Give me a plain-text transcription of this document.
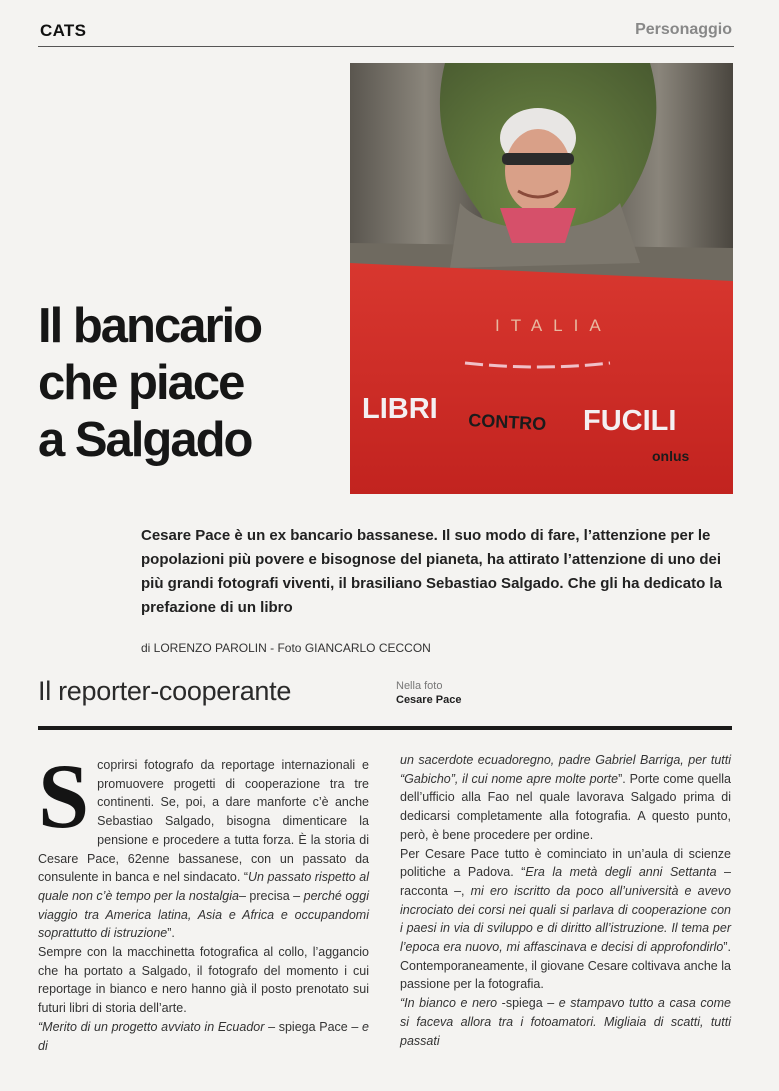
CATS	Personaggio
ITALIA
LIBRI CONTRO FUCILI
onlus
Il bancario
che piace
a Salgado
Cesare Pace è un ex bancario bassanese. Il suo modo di fare, l’attenzione per le popolazioni più povere e bisognose del pianeta, ha attirato l’attenzione di uno dei più grandi fotografi viventi, il brasiliano Sebastiao Salgado. Che gli ha dedicato la prefazione di un libro
di LORENZO PAROLIN - Foto GIANCARLO CECCON
Il reporter-cooperante	Nella foto
Cesare Pace

Scoprirsi fotografo da reportage internazionali e promuovere progetti di cooperazione tra tre continenti. Se, poi, a dare manforte c’è anche Sebastiao Salgado, bisogna dimenticare la pensione e procedere a tutta forza. È la storia di Cesare Pace, 62enne bassanese, con un passato da consulente in banca e nel sindacato. “Un passato rispetto al quale non c’è tempo per la nostalgia– precisa – perché oggi viaggio tra America latina, Asia e Africa e occupandomi soprattutto di istruzione”.

Sempre con la macchinetta fotografica al collo, l’aggancio che ha portato a Salgado, il fotografo del momento i cui reportage in bianco e nero hanno già il posto prenotato sui futuri libri di storia dell’arte.

“Merito di un progetto avviato in Ecuador – spiega Pace – e di

un sacerdote ecuadoregno, padre Gabriel Barriga, per tutti “Gabicho”, il cui nome apre molte porte”. Porte come quella dell’ufficio alla Fao nel quale lavorava Salgado prima di dedicarsi completamente alla fotografia. A questo punto, però, è bene procedere per ordine.

Per Cesare Pace tutto è cominciato in un’aula di scienze politiche a Padova. “Era la metà degli anni Settanta – racconta –, mi ero iscritto da poco all’università e avevo incrociato dei corsi nei quali si parlava di cooperazione con i paesi in via di sviluppo e di diritto all’istruzione. Il tema per l’epoca era nuovo, mi affascinava e decisi di approfondirlo”. Contemporaneamente, il giovane Cesare coltivava anche la passione per la fotografia.

“In bianco e nero -spiega – e stampavo tutto a casa come si faceva allora tra i fotoamatori. Migliaia di scatti, tutti passati
